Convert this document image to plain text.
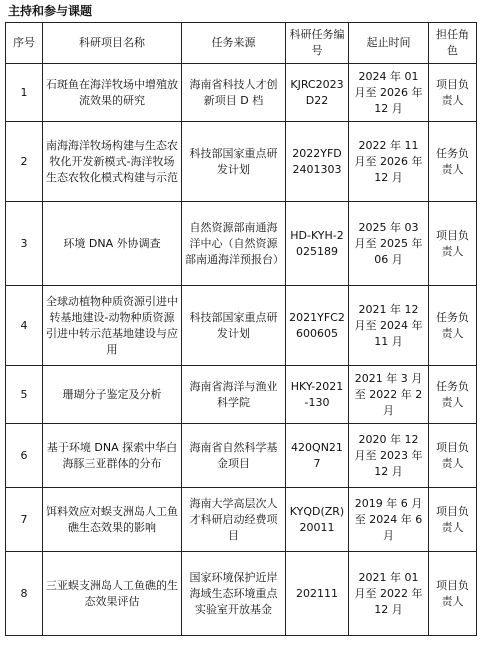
主持和参与课题
序号	科研项目名称	任务来源	科研任务编号	起止时间	担任角色
1	石斑鱼在海洋牧场中增殖放流效果的研究	海南省科技人才创新项目 D 档	KJRC2023D22	2024 年 01 月至 2026 年 12 月	项目负责人
2	南海海洋牧场构建与生态农牧化开发新模式-海洋牧场生态农牧化模式构建与示范	科技部国家重点研发计划	2022YFD2401303	2022 年 11 月至 2026 年 12 月	任务负责人
3	环境 DNA 外协调查	自然资源部南通海洋中心（自然资源部南通海洋预报台）	HD-KYH-2025189	2025 年 03 月至 2025 年 06 月	项目负责人
4	全球动植物种质资源引进中转基地建设-动物种质资源引进中转示范基地建设与应用	科技部国家重点研发计划	2021YFC2600605	2021 年 12 月至 2024 年 11 月	任务负责人
5	珊瑚分子鉴定及分析	海南省海洋与渔业科学院	HKY-2021-130	2021 年 3 月至 2022 年 2 月	任务负责人
6	基于环境 DNA 探索中华白海豚三亚群体的分布	海南省自然科学基金项目	420QN217	2020 年 12 月至 2023 年 12 月	项目负责人
7	饵料效应对蜈支洲岛人工鱼礁生态效果的影响	海南大学高层次人才科研启动经费项目	KYQD(ZR)20011	2019 年 6 月至 2024 年 6 月	项目负责人
8	三亚蜈支洲岛人工鱼礁的生态效果评估	国家环境保护近岸海域生态环境重点实验室开放基金	202111	2021 年 01 月至 2022 年 12 月	项目负责人
